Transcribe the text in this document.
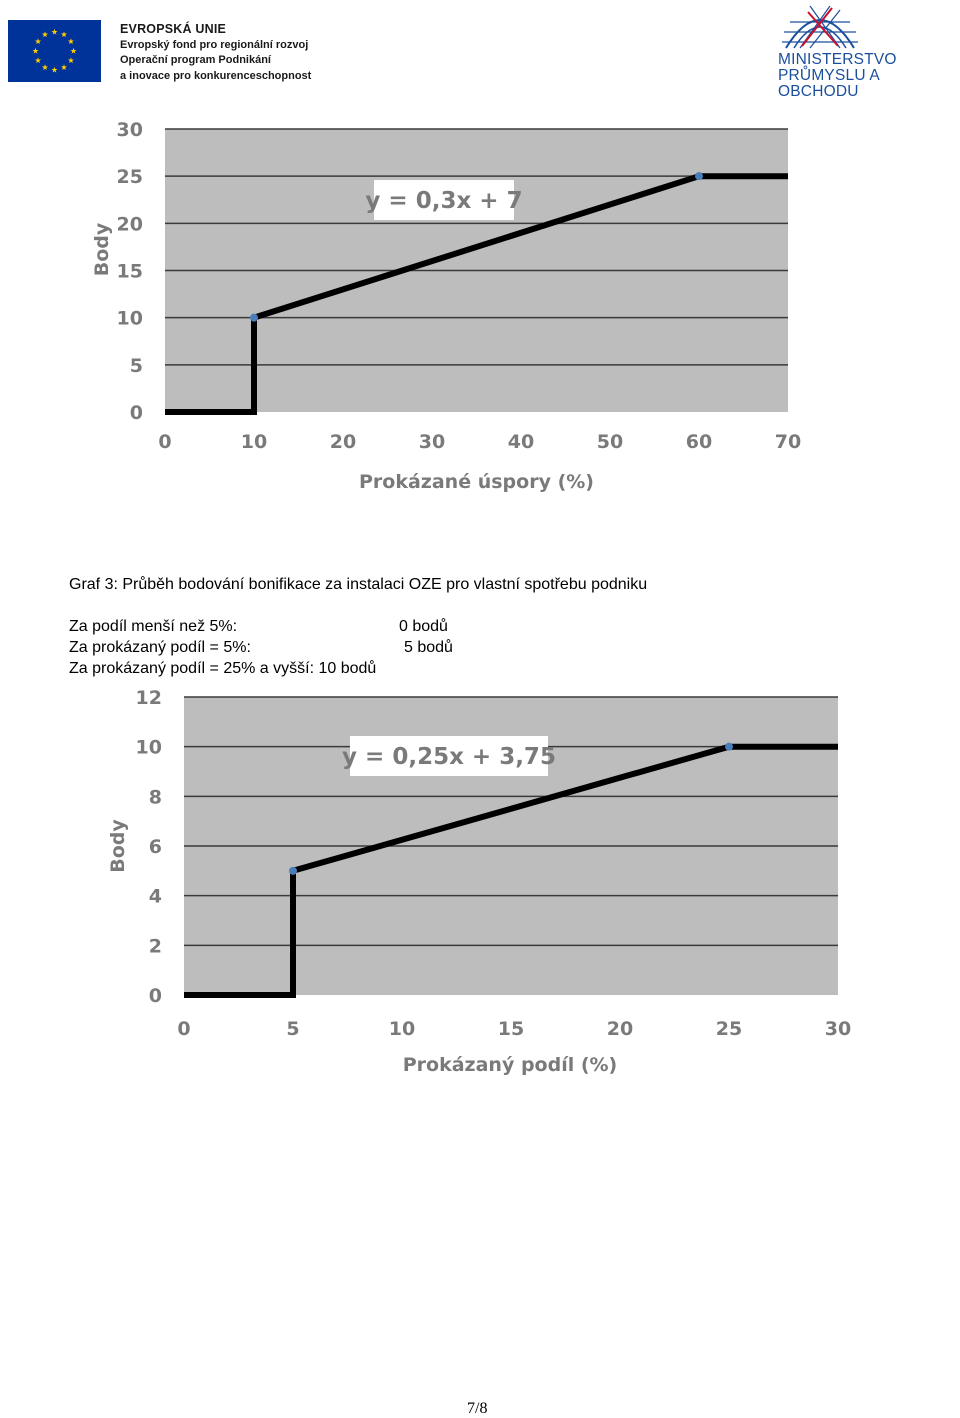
EVROPSKÁ UNIE
Evropský fond pro regionální rozvoj
Operační program Podnikání
a inovace pro konkurenceschopnost
MINISTERSTVO
PRŮMYSLU A OBCHODU
0
5
10
15
20
25
30
0	10	20	30	40	50	60	70
Prokázané úspory (%)
Body
y = 0,3x + 7
Graf 3: Průběh bodování bonifikace za instalaci OZE pro vlastní spotřebu podniku
Za podíl menší než 5%:	0 bodů
Za prokázaný podíl = 5%:	5 bodů
Za prokázaný podíl = 25% a vyšší: 10 bodů
0
2
4
6
8
10
12
0	5	10	15	20	25	30
Prokázaný podíl (%)
Body
y = 0,25x + 3,75
7/8
